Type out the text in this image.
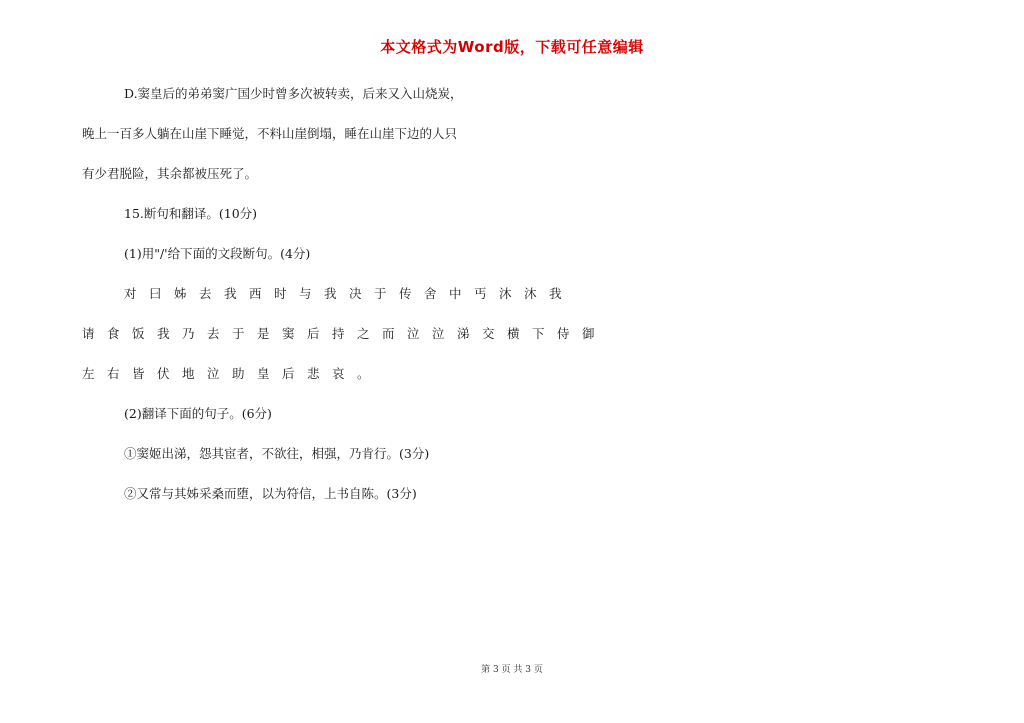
本文格式为Word版，下载可任意编辑
D.窦皇后的弟弟窦广国少时曾多次被转卖，后来又入山烧炭，
晚上一百多人躺在山崖下睡觉，不料山崖倒塌，睡在山崖下边的人只
有少君脱险，其余都被压死了。
15.断句和翻译。(10分)
(1)用"/'给下面的文段断句。(4分)
对曰姊去我西时与我决于传舍中丐沐沐我
请食饭我乃去于是窦后持之而泣泣涕交横下侍御
左右皆伏地泣助皇后悲哀。
(2)翻译下面的句子。(6分)
①窦姬出涕，怨其宦者，不欲往，相强，乃肯行。(3分)
②又常与其姊采桑而堕，以为符信，上书自陈。(3分)
第 3 页 共 3 页
